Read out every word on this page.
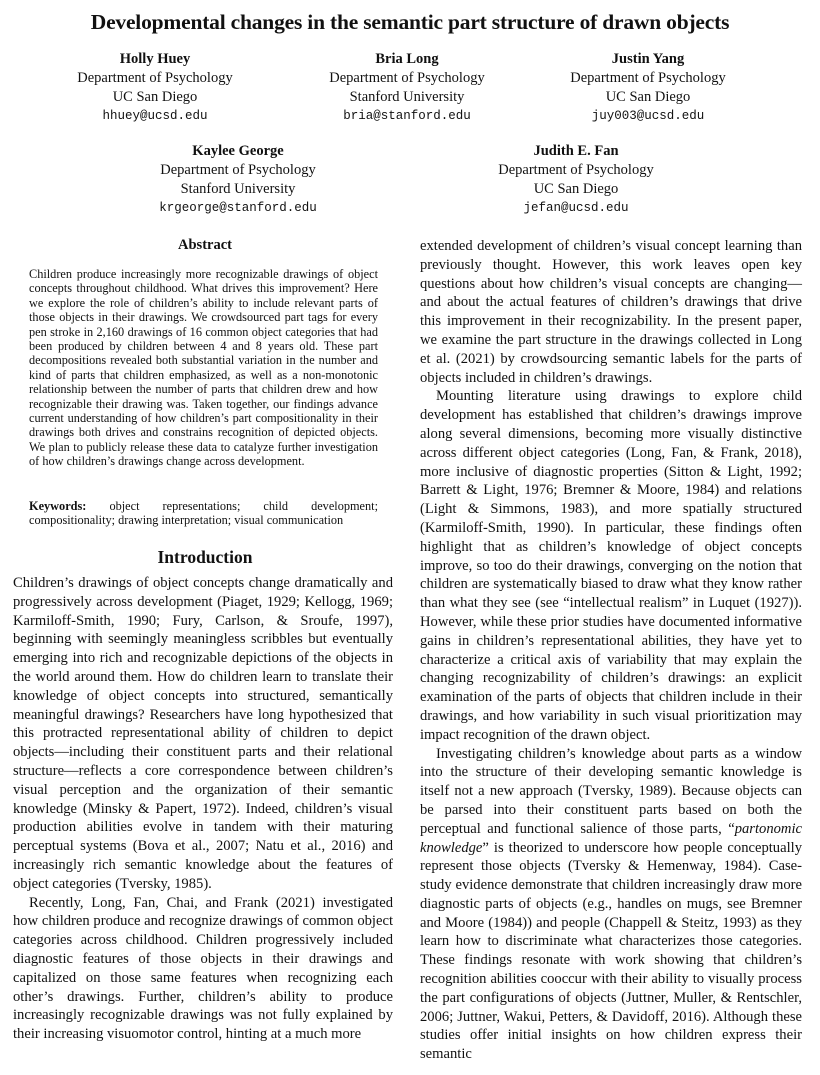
Developmental changes in the semantic part structure of drawn objects
Holly Huey
Department of Psychology
UC San Diego
hhuey@ucsd.edu
Bria Long
Department of Psychology
Stanford University
bria@stanford.edu
Justin Yang
Department of Psychology
UC San Diego
juy003@ucsd.edu
Kaylee George
Department of Psychology
Stanford University
krgeorge@stanford.edu
Judith E. Fan
Department of Psychology
UC San Diego
jefan@ucsd.edu
Abstract
Children produce increasingly more recognizable drawings of object concepts throughout childhood. What drives this improvement? Here we explore the role of children’s ability to include relevant parts of those objects in their drawings. We crowdsourced part tags for every pen stroke in 2,160 drawings of 16 common object categories that had been produced by children between 4 and 8 years old. These part decompositions revealed both substantial variation in the number and kind of parts that children emphasized, as well as a non-monotonic relationship between the number of parts that children drew and how recognizable their drawing was. Taken together, our findings advance current understanding of how children’s part compositionality in their drawings both drives and constrains recognition of depicted objects. We plan to publicly release these data to catalyze further investigation of how children’s drawings change across development.
Keywords: object representations; child development; compositionality; drawing interpretation; visual communication
Introduction

Children’s drawings of object concepts change dramatically and progressively across development (Piaget, 1929; Kellogg, 1969; Karmiloff-Smith, 1990; Fury, Carlson, & Sroufe, 1997), beginning with seemingly meaningless scribbles but eventually emerging into rich and recognizable depictions of the objects in the world around them. How do children learn to translate their knowledge of object concepts into structured, semantically meaningful drawings? Researchers have long hypothesized that this protracted representational ability of children to depict objects—including their constituent parts and their relational structure—reflects a core correspondence between children’s visual perception and the organization of their semantic knowledge (Minsky & Papert, 1972). Indeed, children’s visual production abilities evolve in tandem with their maturing perceptual systems (Bova et al., 2007; Natu et al., 2016) and increasingly rich semantic knowledge about the features of object categories (Tversky, 1985).

Recently, Long, Fan, Chai, and Frank (2021) investigated how children produce and recognize drawings of common object categories across childhood. Children progressively included diagnostic features of those objects in their drawings and capitalized on those same features when recognizing each other’s drawings. Further, children’s ability to produce increasingly recognizable drawings was not fully explained by their increasing visuomotor control, hinting at a much more

extended development of children’s visual concept learning than previously thought. However, this work leaves open key questions about how children’s visual concepts are changing—and about the actual features of children’s drawings that drive this improvement in their recognizability. In the present paper, we examine the part structure in the drawings collected in Long et al. (2021) by crowdsourcing semantic labels for the parts of objects included in children’s drawings.

Mounting literature using drawings to explore child development has established that children’s drawings improve along several dimensions, becoming more visually distinctive across different object categories (Long, Fan, & Frank, 2018), more inclusive of diagnostic properties (Sitton & Light, 1992; Barrett & Light, 1976; Bremner & Moore, 1984) and relations (Light & Simmons, 1983), and more spatially structured (Karmiloff-Smith, 1990). In particular, these findings often highlight that as children’s knowledge of object concepts improve, so too do their drawings, converging on the notion that children are systematically biased to draw what they know rather than what they see (see “intellectual realism” in Luquet (1927)). However, while these prior studies have documented informative gains in children’s representational abilities, they have yet to characterize a critical axis of variability that may explain the changing recognizability of children’s drawings: an explicit examination of the parts of objects that children include in their drawings, and how variability in such visual prioritization may impact recognition of the drawn object.

Investigating children’s knowledge about parts as a window into the structure of their developing semantic knowledge is itself not a new approach (Tversky, 1989). Because objects can be parsed into their constituent parts based on both the perceptual and functional salience of those parts, “partonomic knowledge” is theorized to underscore how people conceptually represent those objects (Tversky & Hemenway, 1984). Case-study evidence demonstrate that children increasingly draw more diagnostic parts of objects (e.g., handles on mugs, see Bremner and Moore (1984)) and people (Chappell & Steitz, 1993) as they learn how to discriminate what characterizes those categories. These findings resonate with work showing that children’s recognition abilities cooccur with their ability to visually process the part configurations of objects (Juttner, Muller, & Rentschler, 2006; Juttner, Wakui, Petters, & Davidoff, 2016). Although these studies offer initial insights on how children express their semantic
